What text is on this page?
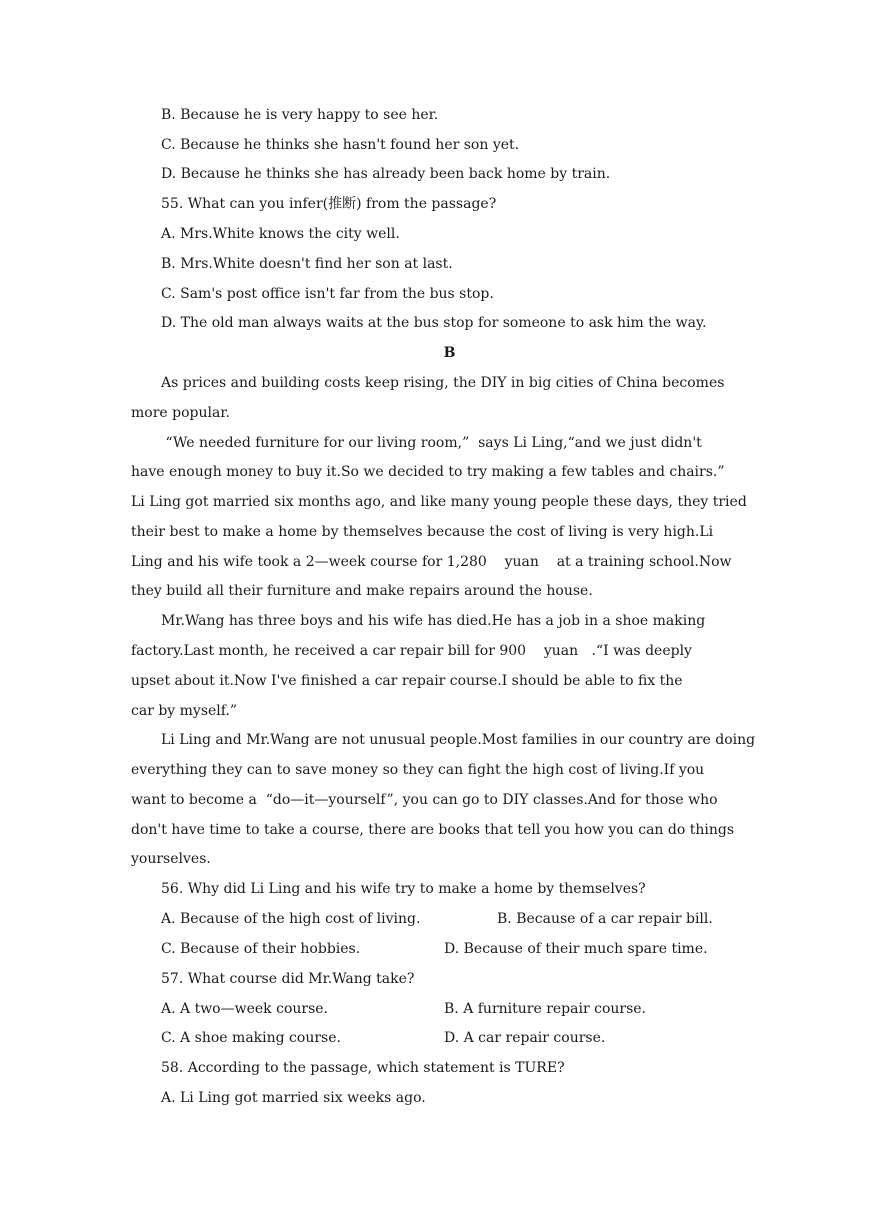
B. Because he is very happy to see her.
C. Because he thinks she hasn't found her son yet.
D. Because he thinks she has already been back home by train.
55. What can you infer(推断) from the passage?
A. Mrs.White knows the city well.
B. Mrs.White doesn't find her son at last.
C. Sam's post office isn't far from the bus stop.
D. The old man always waits at the bus stop for someone to ask him the way.
B
As prices and building costs keep rising, the DIY in big cities of China becomes
more popular.
“We needed furniture for our living room,”  says Li Ling,“and we just didn't
have enough money to buy it.So we decided to try making a few tables and chairs.”
Li Ling got married six months ago, and like many young people these days, they tried
their best to make a home by themselves because the cost of living is very high.Li
Ling and his wife took a 2—week course for 1,280    yuan    at a training school.Now
they build all their furniture and make repairs around the house.
Mr.Wang has three boys and his wife has died.He has a job in a shoe making
factory.Last month, he received a car repair bill for 900    yuan   .“I was deeply
upset about it.Now I've finished a car repair course.I should be able to fix the
car by myself.”
Li Ling and Mr.Wang are not unusual people.Most families in our country are doing
everything they can to save money so they can fight the high cost of living.If you
want to become a  “do—it—yourself”, you can go to DIY classes.And for those who
don't have time to take a course, there are books that tell you how you can do things
yourselves.
56. Why did Li Ling and his wife try to make a home by themselves?
A. Because of the high cost of living.	B. Because of a car repair bill.
C. Because of their hobbies.	D. Because of their much spare time.
57. What course did Mr.Wang take?
A. A two—week course.	B. A furniture repair course.
C. A shoe making course.	D. A car repair course.
58. According to the passage, which statement is TURE?
A. Li Ling got married six weeks ago.
